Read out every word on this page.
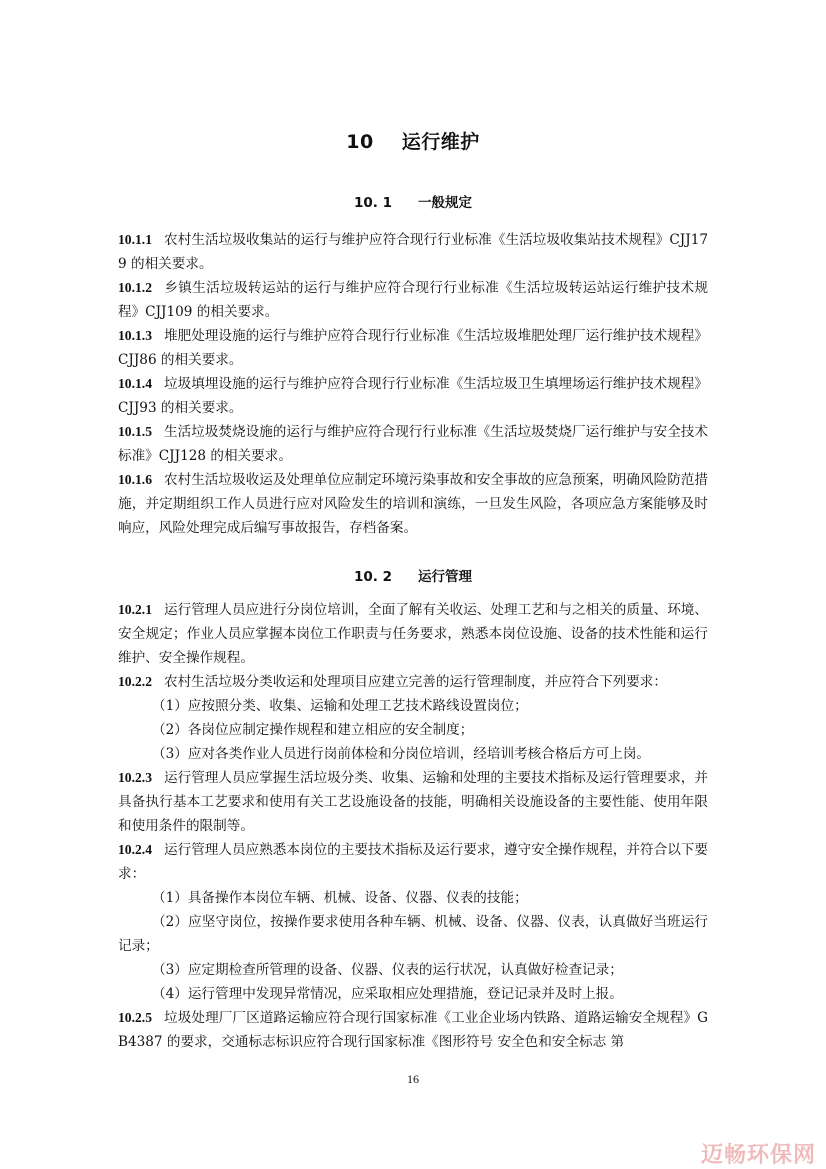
10 运行维护
10. 1 一般规定

10.1.1 农村生活垃圾收集站的运行与维护应符合现行行业标准《生活垃圾收集站技术规程》CJJ179 的相关要求。

10.1.2 乡镇生活垃圾转运站的运行与维护应符合现行行业标准《生活垃圾转运站运行维护技术规程》CJJ109 的相关要求。

10.1.3 堆肥处理设施的运行与维护应符合现行行业标准《生活垃圾堆肥处理厂运行维护技术规程》CJJ86 的相关要求。

10.1.4 垃圾填埋设施的运行与维护应符合现行行业标准《生活垃圾卫生填埋场运行维护技术规程》CJJ93 的相关要求。

10.1.5 生活垃圾焚烧设施的运行与维护应符合现行行业标准《生活垃圾焚烧厂运行维护与安全技术标准》CJJ128 的相关要求。

10.1.6 农村生活垃圾收运及处理单位应制定环境污染事故和安全事故的应急预案，明确风险防范措施，并定期组织工作人员进行应对风险发生的培训和演练，一旦发生风险，各项应急方案能够及时响应，风险处理完成后编写事故报告，存档备案。

10. 2 运行管理

10.2.1 运行管理人员应进行分岗位培训，全面了解有关收运、处理工艺和与之相关的质量、环境、安全规定；作业人员应掌握本岗位工作职责与任务要求，熟悉本岗位设施、设备的技术性能和运行维护、安全操作规程。

10.2.2 农村生活垃圾分类收运和处理项目应建立完善的运行管理制度，并应符合下列要求：

（1）应按照分类、收集、运输和处理工艺技术路线设置岗位；

（2）各岗位应制定操作规程和建立相应的安全制度；

（3）应对各类作业人员进行岗前体检和分岗位培训，经培训考核合格后方可上岗。

10.2.3 运行管理人员应掌握生活垃圾分类、收集、运输和处理的主要技术指标及运行管理要求，并具备执行基本工艺要求和使用有关工艺设施设备的技能，明确相关设施设备的主要性能、使用年限和使用条件的限制等。

10.2.4 运行管理人员应熟悉本岗位的主要技术指标及运行要求，遵守安全操作规程，并符合以下要求：

（1）具备操作本岗位车辆、机械、设备、仪器、仪表的技能；

（2）应坚守岗位，按操作要求使用各种车辆、机械、设备、仪器、仪表，认真做好当班运行记录；

（3）应定期检查所管理的设备、仪器、仪表的运行状况，认真做好检查记录；

（4）运行管理中发现异常情况，应采取相应处理措施，登记记录并及时上报。

10.2.5 垃圾处理厂厂区道路运输应符合现行国家标准《工业企业场内铁路、道路运输安全规程》GB4387 的要求，交通标志标识应符合现行国家标准《图形符号 安全色和安全标志 第

16
迈畅环保网
